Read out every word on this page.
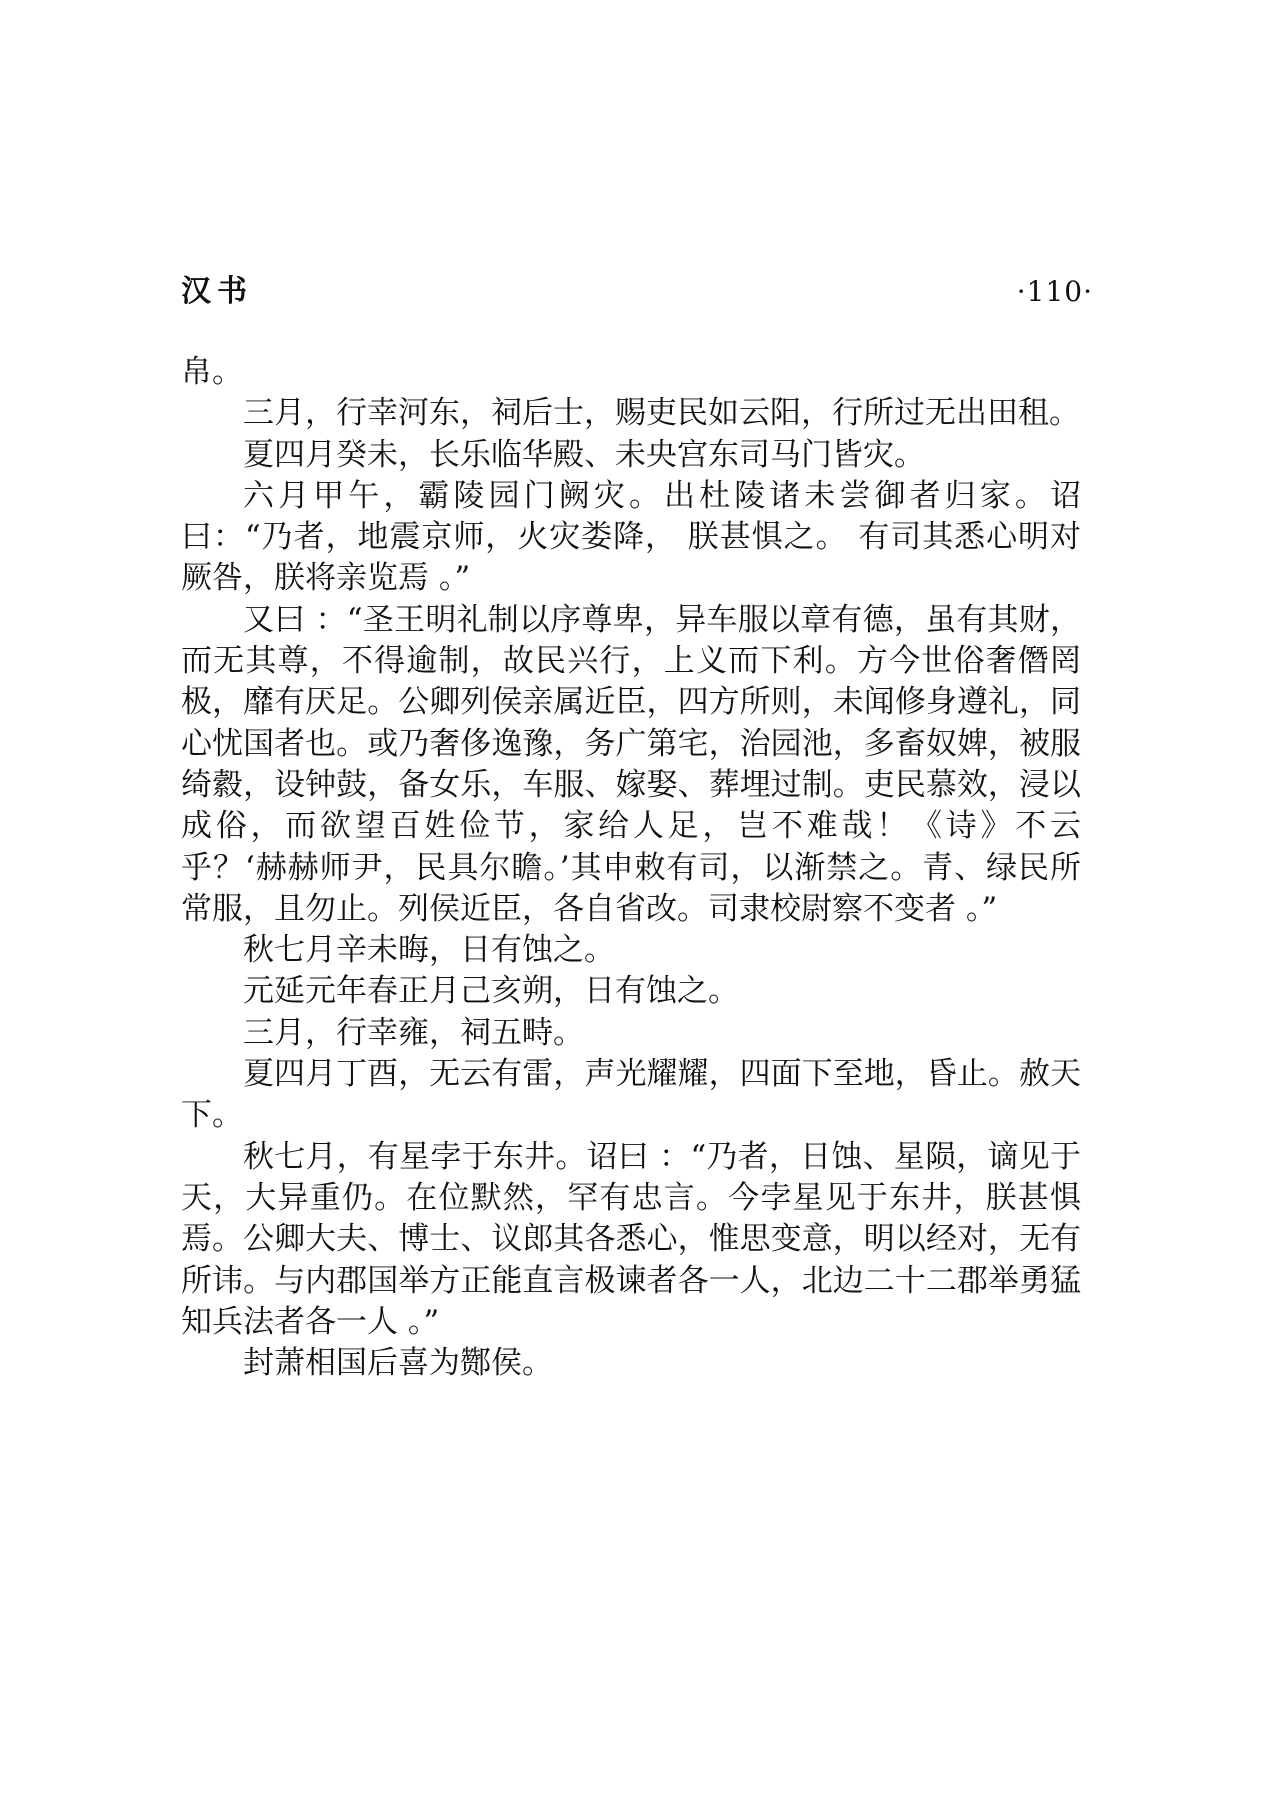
汉书	·110·

帛。

三月，行幸河东，祠后士，赐吏民如云阳，行所过无出田租。

夏四月癸未，长乐临华殿、未央宫东司马门皆灾。

六月甲午，霸陵园门阙灾。出杜陵诸未尝御者归家。诏曰：“乃者，地震京师，火灾娄降， 朕甚惧之。 有司其悉心明对厥咎，朕将亲览焉 。”

又曰 ：“圣王明礼制以序尊卑，异车服以章有德，虽有其财，而无其尊，不得逾制，故民兴行，上义而下利。方今世俗奢僭罔极，靡有厌足。公卿列侯亲属近臣，四方所则，未闻修身遵礼，同心忧国者也。或乃奢侈逸豫，务广第宅，治园池，多畜奴婢，被服绮縠，设钟鼓，备女乐，车服、嫁娶、葬埋过制。吏民慕效，浸以成俗，而欲望百姓俭节，家给人足，岂不难哉！《诗》不云乎？‘赫赫师尹，民具尔瞻。’其申敕有司，以渐禁之。青、绿民所常服，且勿止。列侯近臣，各自省改。司隶校尉察不变者 。”

秋七月辛未晦，日有蚀之。

元延元年春正月己亥朔，日有蚀之。

三月，行幸雍，祠五畤。

夏四月丁酉，无云有雷，声光耀耀，四面下至地，昏止。赦天下。

秋七月，有星孛于东井。诏曰 ：“乃者，日蚀、星陨，谪见于天，大异重仍。在位默然，罕有忠言。今孛星见于东井，朕甚惧焉。公卿大夫、博士、议郎其各悉心，惟思变意，明以经对，无有所讳。与内郡国举方正能直言极谏者各一人，北边二十二郡举勇猛知兵法者各一人 。”

封萧相国后喜为酂侯。
